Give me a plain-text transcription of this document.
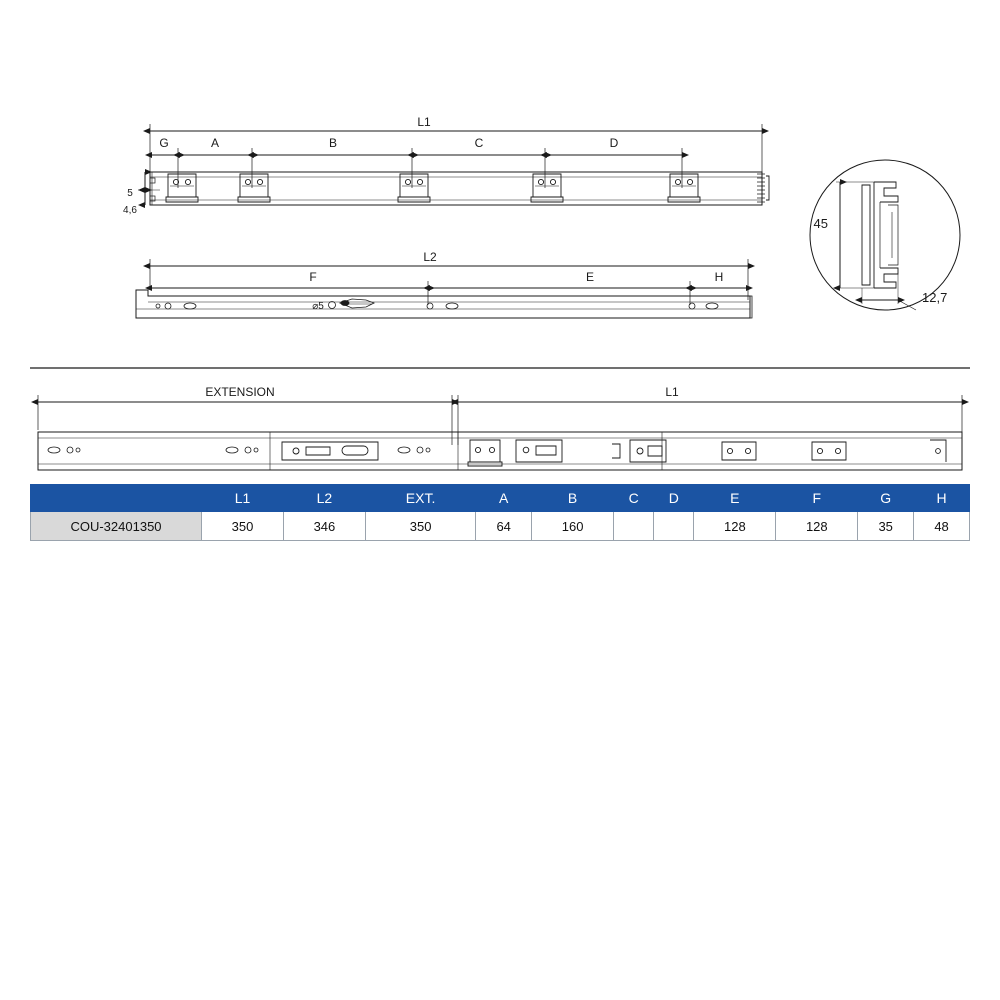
L1
G	A	B	C	D
5
4,6
L2
F	E	H
⌀5
45
12,7
EXTENSION	L1
	L1	L2	EXT.	A	B	C	D	E	F	G	H
COU-32401350	350	346	350	64	160			128	128	35	48
